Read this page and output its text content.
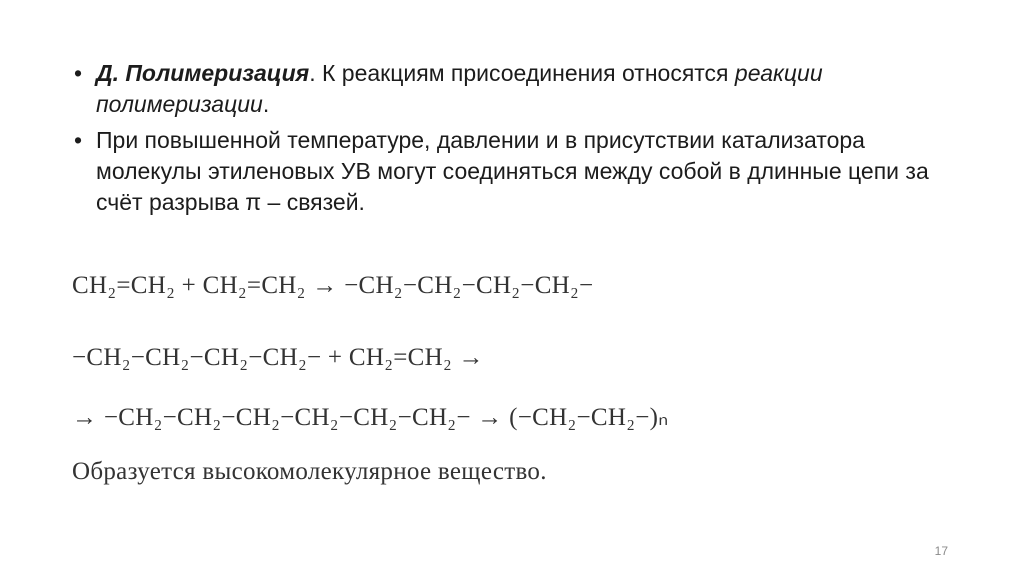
• Д. Полимеризация. К реакциям присоединения относятся реакции полимеризации.
• При повышенной температуре, давлении и в присутствии катализатора молекулы этиленовых УВ могут соединяться между собой в длинные цепи за счёт разрыва π – связей.
CH₂=CH₂ + CH₂=CH₂ → −CH₂−CH₂−CH₂−CH₂−
−CH₂−CH₂−CH₂−CH₂− + CH₂=CH₂ →
→ −CH₂−CH₂−CH₂−CH₂−CH₂−CH₂− → (−CH₂−CH₂−)ₙ
Образуется высокомолекулярное вещество.
17
